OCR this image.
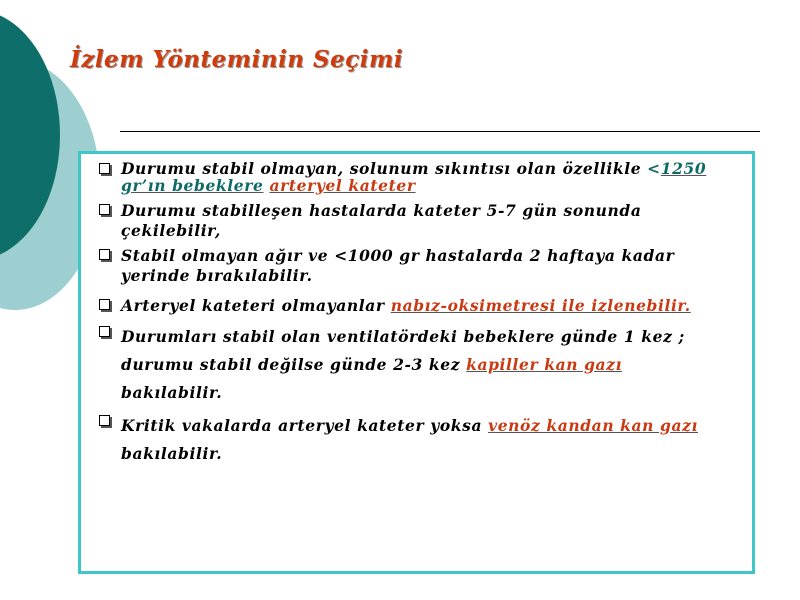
İzlem Yönteminin Seçimi
Durumu stabil olmayan, solunum sıkıntısı olan özellikle <1250
gr’ın bebeklere arteryel kateter
Durumu stabilleşen hastalarda kateter 5-7 gün sonunda
çekilebilir,
Stabil olmayan ağır ve <1000 gr hastalarda 2 haftaya kadar
yerinde bırakılabilir.
Arteryel kateteri olmayanlar nabız-oksimetresi ile izlenebilir.
Durumları stabil olan ventilatördeki bebeklere günde 1 kez ;
durumu stabil değilse günde 2-3 kez kapiller kan gazı
bakılabilir.
Kritik vakalarda arteryel kateter yoksa venöz kandan kan gazı
bakılabilir.
